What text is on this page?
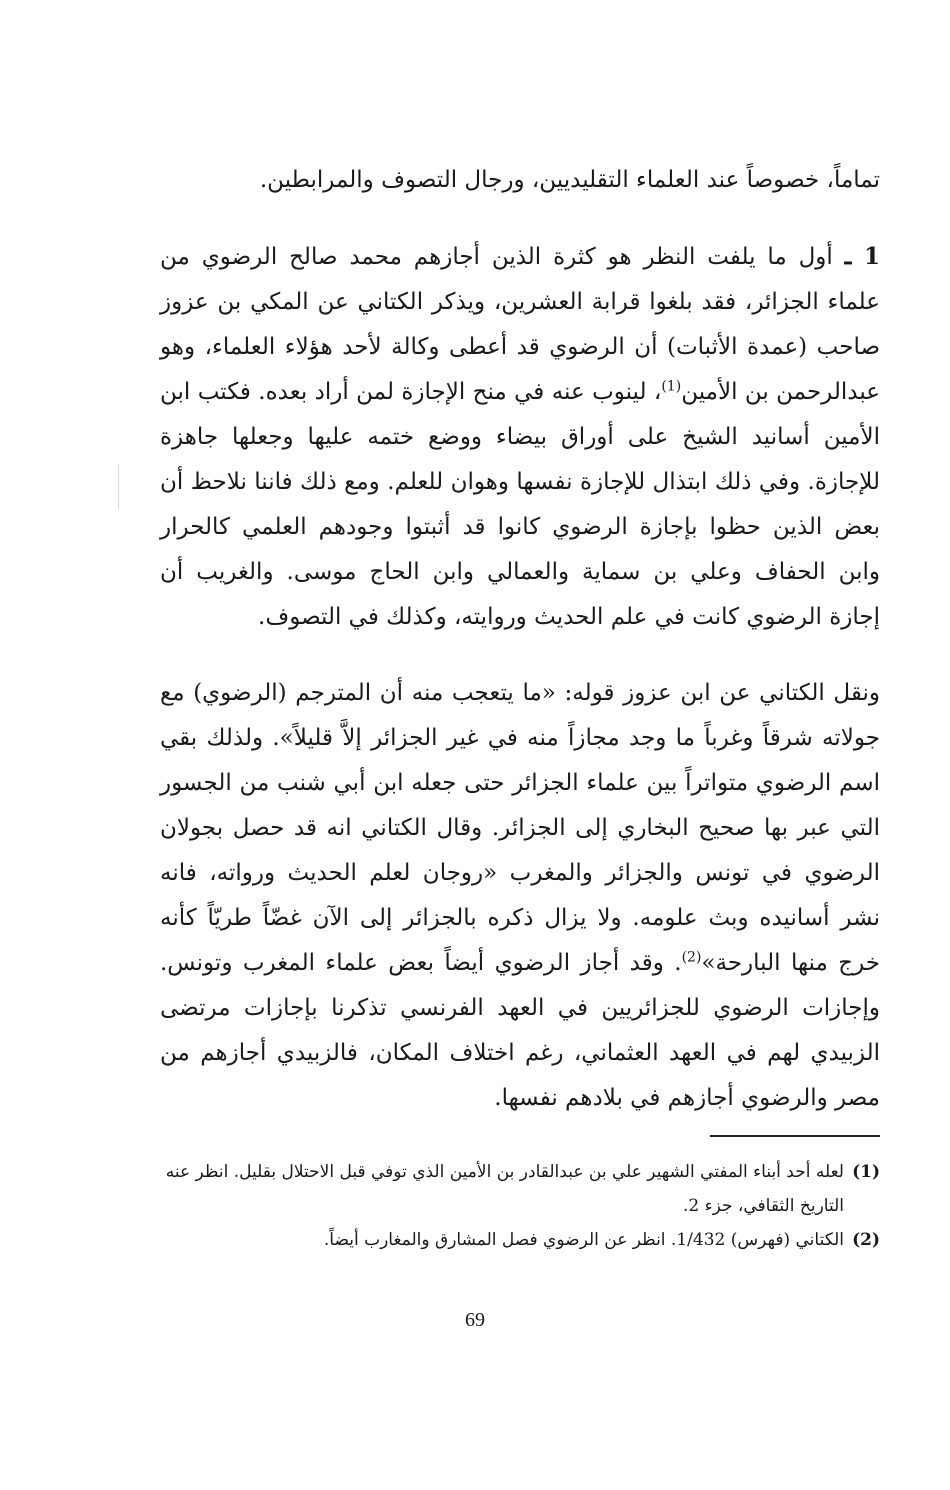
تماماً، خصوصاً عند العلماء التقليديين، ورجال التصوف والمرابطين.

1 ـ أول ما يلفت النظر هو كثرة الذين أجازهم محمد صالح الرضوي من علماء الجزائر، فقد بلغوا قرابة العشرين، ويذكر الكتاني عن المكي بن عزوز صاحب (عمدة الأثبات) أن الرضوي قد أعطى وكالة لأحد هؤلاء العلماء، وهو عبدالرحمن بن الأمين$^{(1)}$، لينوب عنه في منح الإجازة لمن أراد بعده. فكتب ابن الأمين أسانيد الشيخ على أوراق بيضاء ووضع ختمه عليها وجعلها جاهزة للإجازة. وفي ذلك ابتذال للإجازة نفسها وهوان للعلم. ومع ذلك فاننا نلاحظ أن بعض الذين حظوا بإجازة الرضوي كانوا قد أثبتوا وجودهم العلمي كالحرار وابن الحفاف وعلي بن سماية والعمالي وابن الحاج موسى. والغريب أن إجازة الرضوي كانت في علم الحديث وروايته، وكذلك في التصوف.

ونقل الكتاني عن ابن عزوز قوله: «ما يتعجب منه أن المترجم (الرضوي) مع جولاته شرقاً وغرباً ما وجد مجازاً منه في غير الجزائر إلاَّ قليلاً». ولذلك بقي اسم الرضوي متواتراً بين علماء الجزائر حتى جعله ابن أبي شنب من الجسور التي عبر بها صحيح البخاري إلى الجزائر. وقال الكتاني انه قد حصل بجولان الرضوي في تونس والجزائر والمغرب «روجان لعلم الحديث ورواته، فانه نشر أسانيده وبث علومه. ولا يزال ذكره بالجزائر إلى الآن غضّاً طريّاً كأنه خرج منها البارحة»$^{(2)}$. وقد أجاز الرضوي أيضاً بعض علماء المغرب وتونس. وإجازات الرضوي للجزائريين في العهد الفرنسي تذكرنا بإجازات مرتضى الزبيدي لهم في العهد العثماني، رغم اختلاف المكان، فالزبيدي أجازهم من مصر والرضوي أجازهم في بلادهم نفسها.

(1)
لعله أحد أبناء المفتي الشهير علي بن عبدالقادر بن الأمين الذي توفي قبل الاحتلال بقليل. انظر عنه التاريخ الثقافي، جزء 2.
(2)
الكتاني (فهرس) 1/432. انظر عن الرضوي فصل المشارق والمغارب أيضاً.
69
